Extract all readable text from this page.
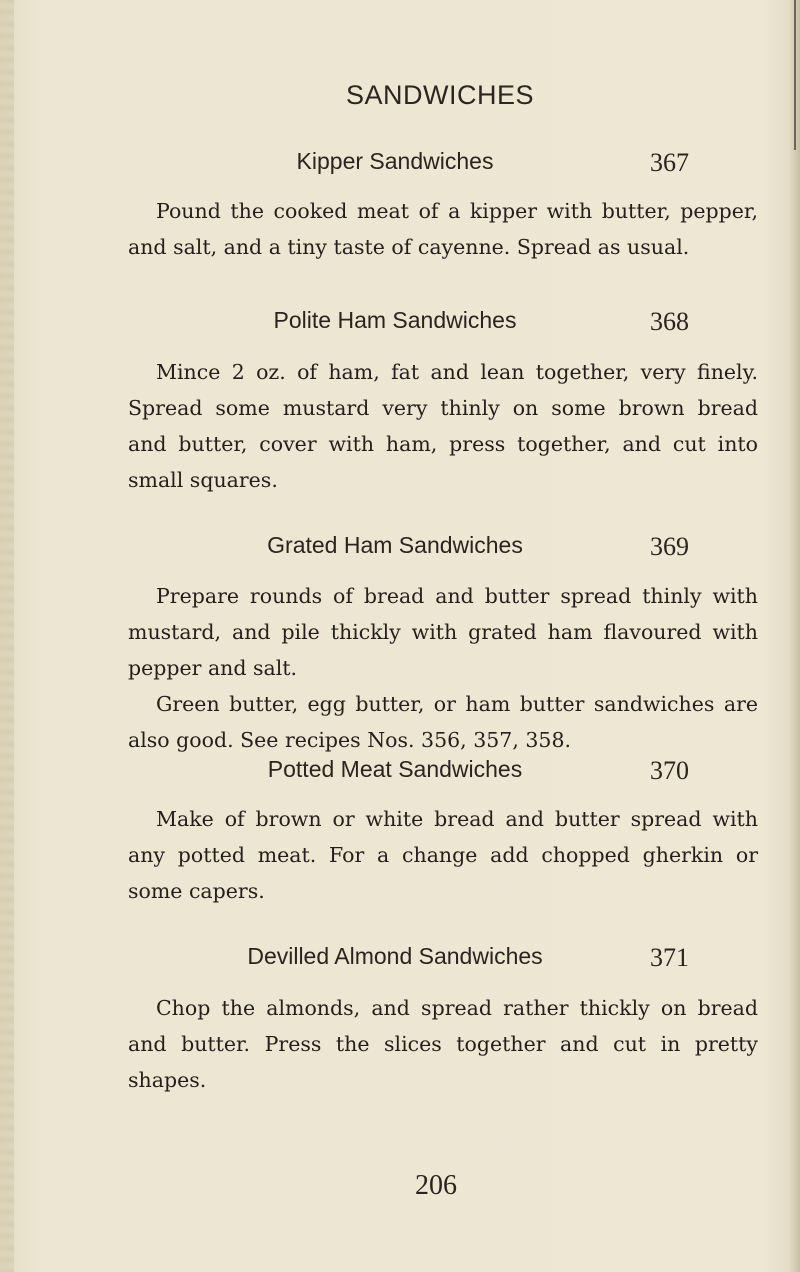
SANDWICHES
Kipper Sandwiches	367
Pound the cooked meat of a kipper with butter, pepper,
and salt, and a tiny taste of cayenne. Spread as usual.
Polite Ham Sandwiches	368
Mince 2 oz. of ham, fat and lean together, very finely.
Spread some mustard very thinly on some brown bread
and butter, cover with ham, press together, and cut into
small squares.
Grated Ham Sandwiches	369
Prepare rounds of bread and butter spread thinly with
mustard, and pile thickly with grated ham flavoured with
pepper and salt.
Green butter, egg butter, or ham butter sandwiches are
also good. See recipes Nos. 356, 357, 358.
Potted Meat Sandwiches	370
Make of brown or white bread and butter spread with
any potted meat. For a change add chopped gherkin or
some capers.
Devilled Almond Sandwiches	371
Chop the almonds, and spread rather thickly on bread
and butter. Press the slices together and cut in pretty
shapes.
206
